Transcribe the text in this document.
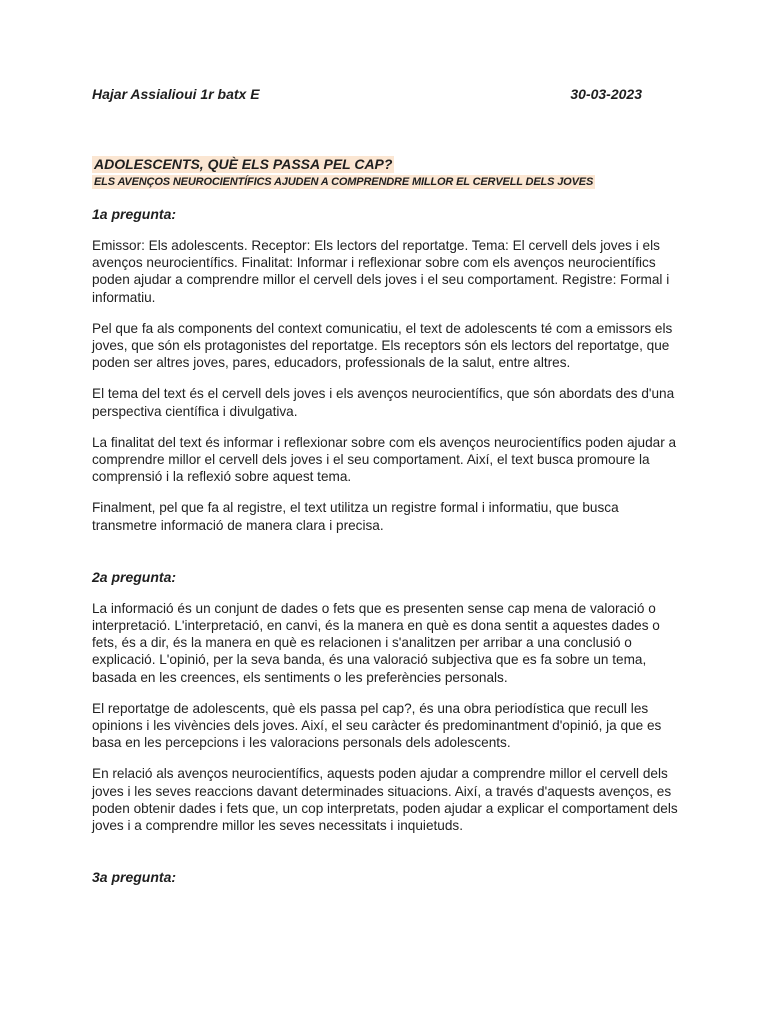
Hajar Assialioui 1r batx E	30-03-2023
ADOLESCENTS, QUÈ ELS PASSA PEL CAP?
ELS AVENÇOS NEUROCIENTÍFICS AJUDEN A COMPRENDRE MILLOR EL CERVELL DELS JOVES
1a pregunta:

Emissor: Els adolescents. Receptor: Els lectors del reportatge. Tema: El cervell dels joves i els avenços neurocientífics. Finalitat: Informar i reflexionar sobre com els avenços neurocientífics poden ajudar a comprendre millor el cervell dels joves i el seu comportament. Registre: Formal i informatiu.

Pel que fa als components del context comunicatiu, el text de adolescents té com a emissors els joves, que són els protagonistes del reportatge. Els receptors són els lectors del reportatge, que poden ser altres joves, pares, educadors, professionals de la salut, entre altres.

El tema del text és el cervell dels joves i els avenços neurocientífics, que són abordats des d'una perspectiva científica i divulgativa.

La finalitat del text és informar i reflexionar sobre com els avenços neurocientífics poden ajudar a comprendre millor el cervell dels joves i el seu comportament. Així, el text busca promoure la comprensió i la reflexió sobre aquest tema.

Finalment, pel que fa al registre, el text utilitza un registre formal i informatiu, que busca transmetre informació de manera clara i precisa.

2a pregunta:

La informació és un conjunt de dades o fets que es presenten sense cap mena de valoració o interpretació. L'interpretació, en canvi, és la manera en què es dona sentit a aquestes dades o fets, és a dir, és la manera en què es relacionen i s'analitzen per arribar a una conclusió o explicació. L'opinió, per la seva banda, és una valoració subjectiva que es fa sobre un tema, basada en les creences, els sentiments o les preferències personals.

El reportatge de adolescents, què els passa pel cap?, és una obra periodística que recull les opinions i les vivències dels joves. Així, el seu caràcter és predominantment d'opinió, ja que es basa en les percepcions i les valoracions personals dels adolescents.

En relació als avenços neurocientífics, aquests poden ajudar a comprendre millor el cervell dels joves i les seves reaccions davant determinades situacions. Així, a través d'aquests avenços, es poden obtenir dades i fets que, un cop interpretats, poden ajudar a explicar el comportament dels joves i a comprendre millor les seves necessitats i inquietuds.

3a pregunta:
